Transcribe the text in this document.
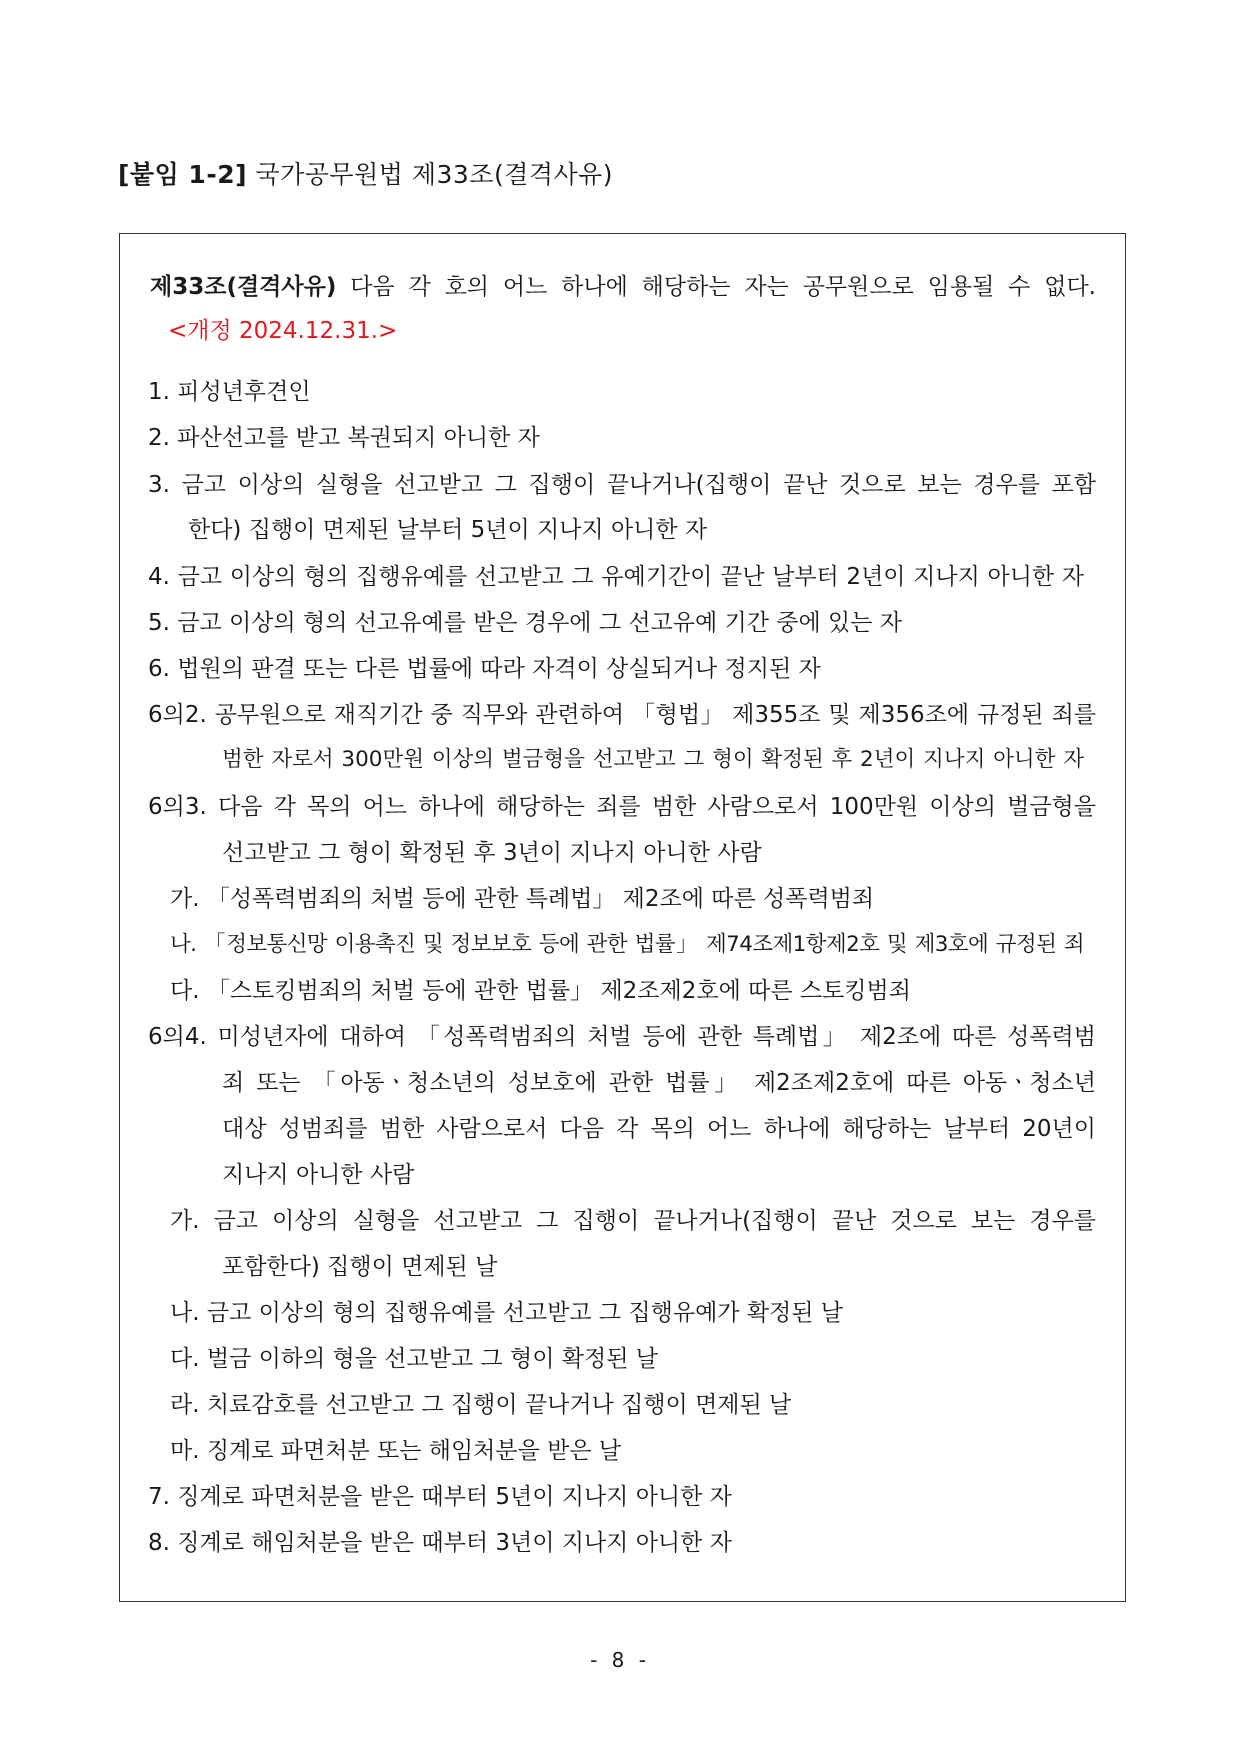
[붙임 1-2] 국가공무원법 제33조(결격사유)
제33조(결격사유) 다음 각 호의 어느 하나에 해당하는 자는 공무원으로 임용될 수 없다.
<개정 2024.12.31.>
1. 피성년후견인
2. 파산선고를 받고 복권되지 아니한 자
3. 금고 이상의 실형을 선고받고 그 집행이 끝나거나(집행이 끝난 것으로 보는 경우를 포함
한다) 집행이 면제된 날부터 5년이 지나지 아니한 자
4. 금고 이상의 형의 집행유예를 선고받고 그 유예기간이 끝난 날부터 2년이 지나지 아니한 자
5. 금고 이상의 형의 선고유예를 받은 경우에 그 선고유예 기간 중에 있는 자
6. 법원의 판결 또는 다른 법률에 따라 자격이 상실되거나 정지된 자
6의2. 공무원으로 재직기간 중 직무와 관련하여 「형법」 제355조 및 제356조에 규정된 죄를
범한 자로서 300만원 이상의 벌금형을 선고받고 그 형이 확정된 후 2년이 지나지 아니한 자
6의3. 다음 각 목의 어느 하나에 해당하는 죄를 범한 사람으로서 100만원 이상의 벌금형을
선고받고 그 형이 확정된 후 3년이 지나지 아니한 사람
가. 「성폭력범죄의 처벌 등에 관한 특례법」 제2조에 따른 성폭력범죄
나. 「정보통신망 이용촉진 및 정보보호 등에 관한 법률」 제74조제1항제2호 및 제3호에 규정된 죄
다. 「스토킹범죄의 처벌 등에 관한 법률」 제2조제2호에 따른 스토킹범죄
6의4. 미성년자에 대하여 「성폭력범죄의 처벌 등에 관한 특례법」 제2조에 따른 성폭력범
죄 또는 「아동ㆍ청소년의 성보호에 관한 법률」 제2조제2호에 따른 아동ㆍ청소년
대상 성범죄를 범한 사람으로서 다음 각 목의 어느 하나에 해당하는 날부터 20년이
지나지 아니한 사람
가. 금고 이상의 실형을 선고받고 그 집행이 끝나거나(집행이 끝난 것으로 보는 경우를
포함한다) 집행이 면제된 날
나. 금고 이상의 형의 집행유예를 선고받고 그 집행유예가 확정된 날
다. 벌금 이하의 형을 선고받고 그 형이 확정된 날
라. 치료감호를 선고받고 그 집행이 끝나거나 집행이 면제된 날
마. 징계로 파면처분 또는 해임처분을 받은 날
7. 징계로 파면처분을 받은 때부터 5년이 지나지 아니한 자
8. 징계로 해임처분을 받은 때부터 3년이 지나지 아니한 자
- 8 -
